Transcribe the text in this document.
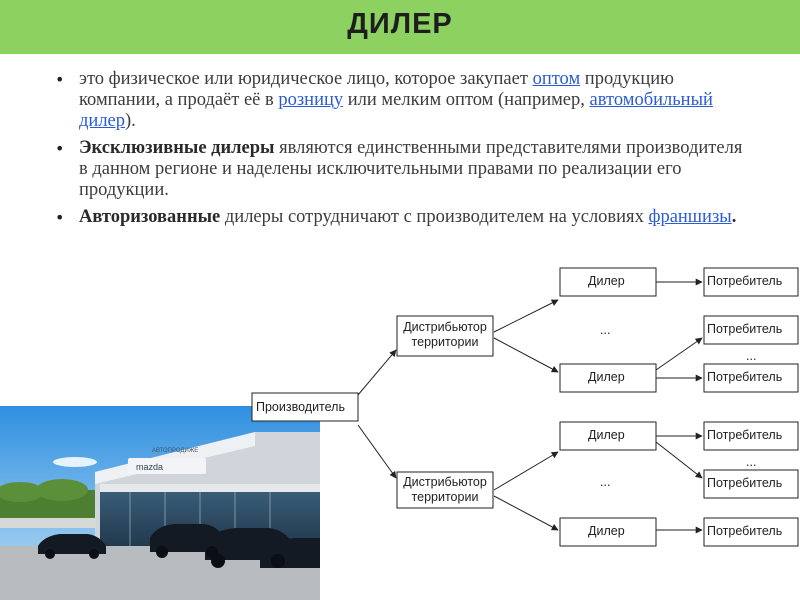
ДИЛЕР
• это физическое или юридическое лицо, которое закупает оптом продукцию компании, а продаёт её в розницу или мелким оптом (например, автомобильный дилер).
• Эксклюзивные дилеры являются единственными представителями производителя в данном регионе и наделены исключительными правами по реализации его продукции.
• Авторизованные дилеры сотрудничают с производителем на условиях франшизы.
mazda
АВТОПРОДИЖЕ
Производитель
Дистрибьютор
территории
Дистрибьютор
территории
Дилер
...
Дилер
Дилер
...
Дилер
Потребитель
Потребитель
...
Потребитель
Потребитель
...
Потребитель
Потребитель
